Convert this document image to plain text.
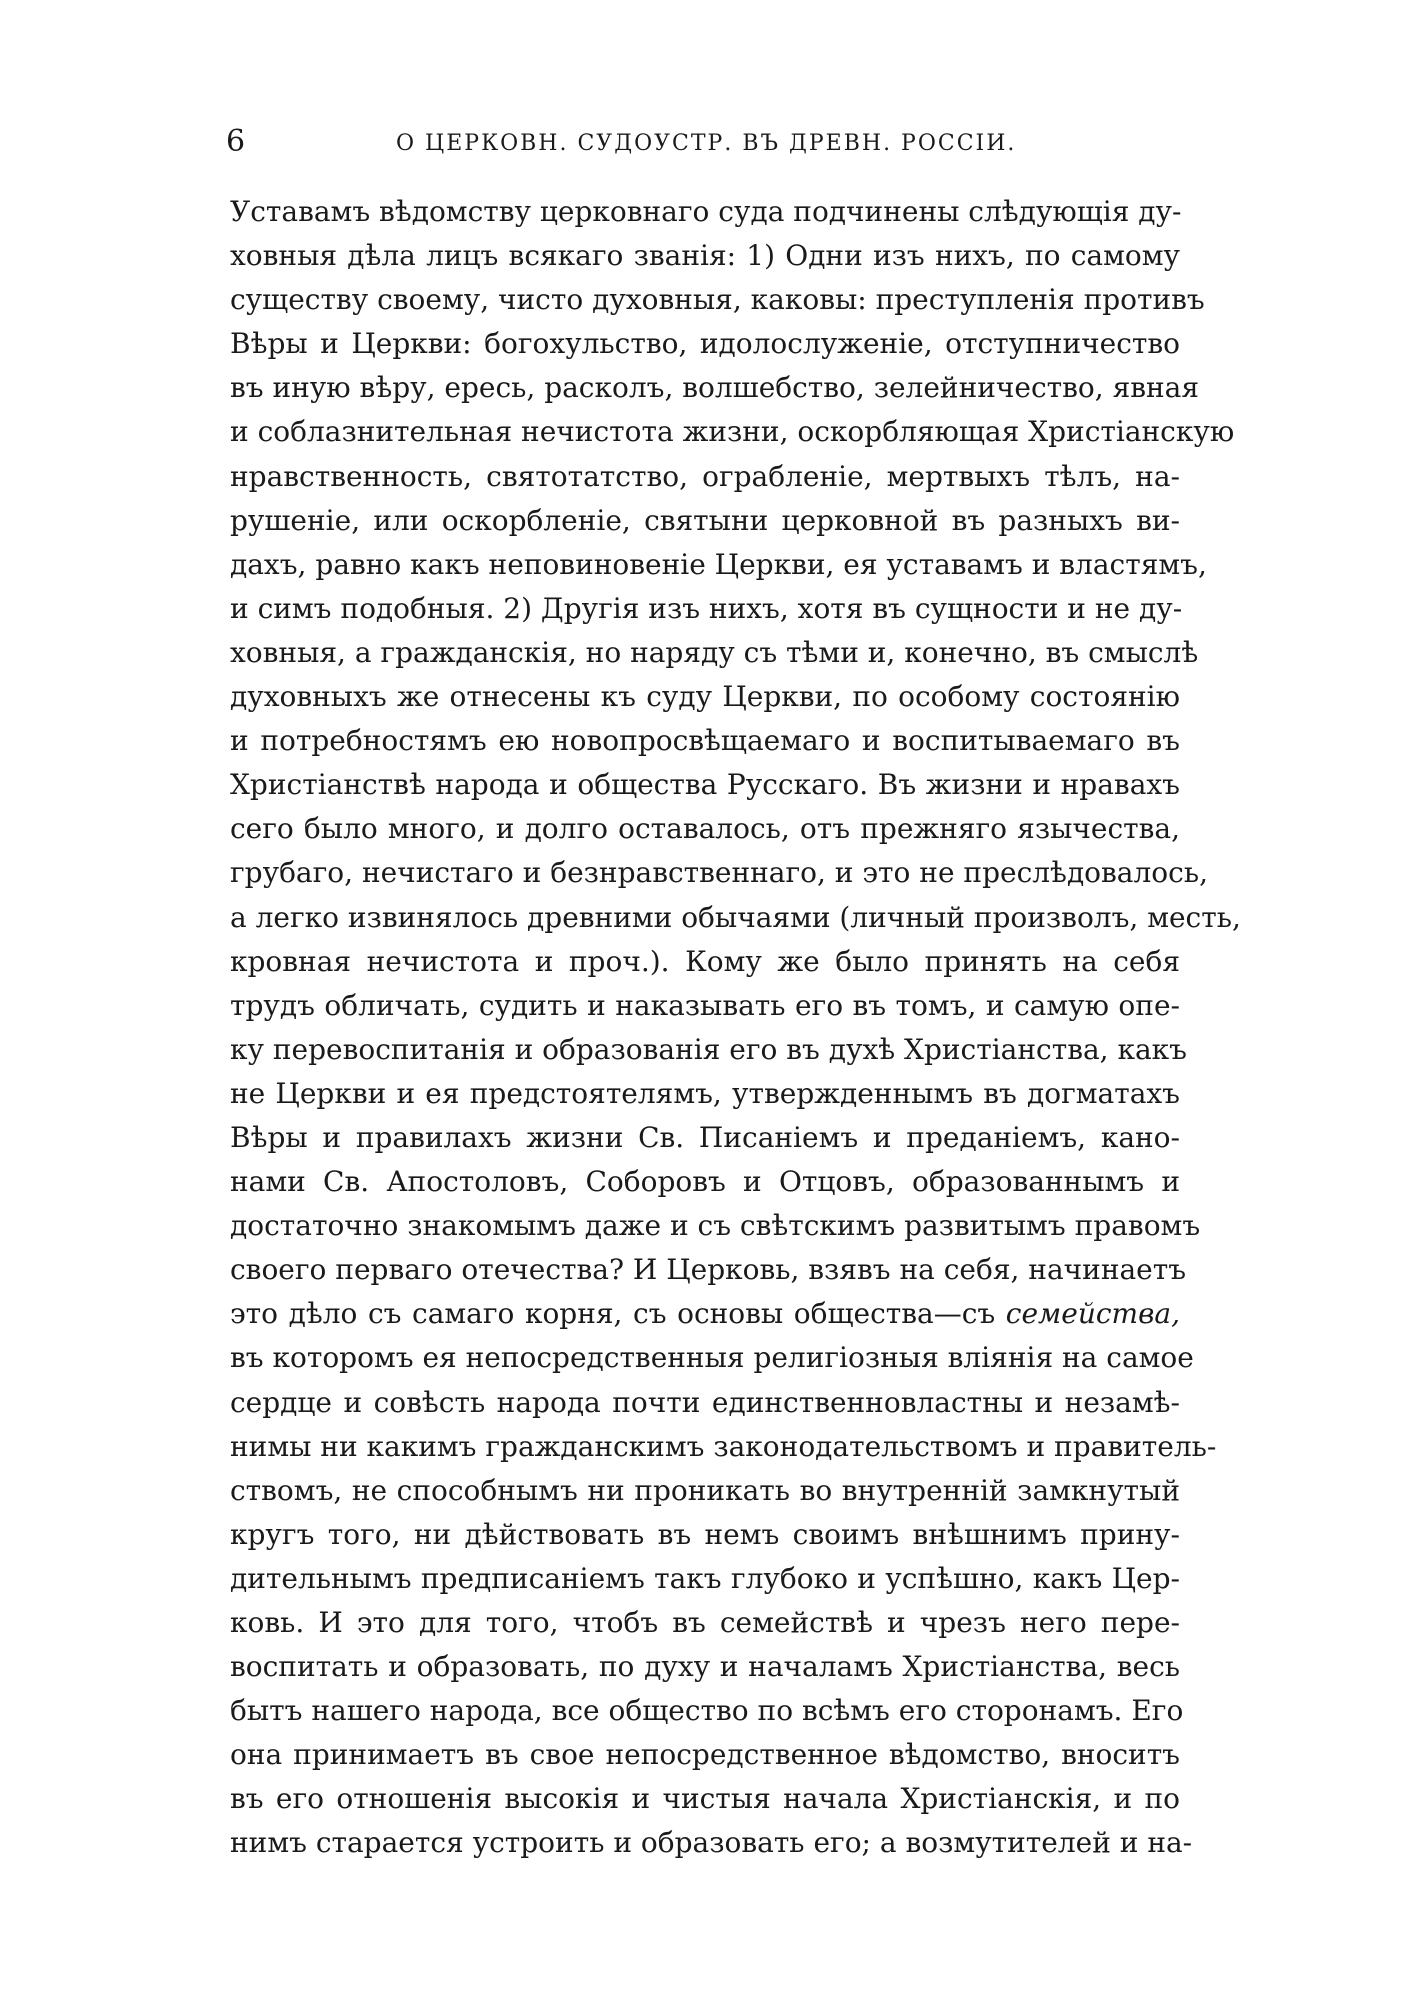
6	О ЦЕРКОВН. СУДОУСТР. ВЪ ДРЕВН. РОССІИ.
Уставамъ вѣдомству церковнаго суда подчинены слѣдующія ду-
ховныя дѣла лицъ всякаго званія: 1) Одни изъ нихъ, по самому
существу своему, чисто духовныя, каковы: преступленія противъ
Вѣры и Церкви: богохульство, идолослуженіе, отступничество
въ иную вѣру, ересь, расколъ, волшебство, зелейничество, явная
и соблазнительная нечистота жизни, оскорбляющая Христіанскую
нравственность, святотатство, ограбленіе, мертвыхъ тѣлъ, на-
рушеніе, или оскорбленіе, святыни церковной въ разныхъ ви-
дахъ, равно какъ неповиновеніе Церкви, ея уставамъ и властямъ,
и симъ подобныя. 2) Другія изъ нихъ, хотя въ сущности и не ду-
ховныя, а гражданскія, но наряду съ тѣми и, конечно, въ смыслѣ
духовныхъ же отнесены къ суду Церкви, по особому состоянію
и потребностямъ ею новопросвѣщаемаго и воспитываемаго въ
Христіанствѣ народа и общества Русскаго. Въ жизни и нравахъ
сего было много, и долго оставалось, отъ прежняго язычества,
грубаго, нечистаго и безнравственнаго, и это не преслѣдовалось,
а легко извинялось древними обычаями (личный произволъ, месть,
кровная нечистота и проч.). Кому же было принять на себя
трудъ обличать, судить и наказывать его въ томъ, и самую опе-
ку перевоспитанія и образованія его въ духѣ Христіанства, какъ
не Церкви и ея предстоятелямъ, утвержденнымъ въ догматахъ
Вѣры и правилахъ жизни Св. Писаніемъ и преданіемъ, кано-
нами Св. Апостоловъ, Соборовъ и Отцовъ, образованнымъ и
достаточно знакомымъ даже и съ свѣтскимъ развитымъ правомъ
своего перваго отечества? И Церковь, взявъ на себя, начинаетъ
это дѣло съ самаго корня, съ основы общества—съ семейства,
въ которомъ ея непосредственныя религіозныя вліянія на самое
сердце и совѣсть народа почти единственновластны и незамѣ-
нимы ни какимъ гражданскимъ законодательствомъ и правитель-
ствомъ, не способнымъ ни проникать во внутренній замкнутый
кругъ того, ни дѣйствовать въ немъ своимъ внѣшнимъ прину-
дительнымъ предписаніемъ такъ глубоко и успѣшно, какъ Цер-
ковь. И это для того, чтобъ въ семействѣ и чрезъ него пере-
воспитать и образовать, по духу и началамъ Христіанства, весь
бытъ нашего народа, все общество по всѣмъ его сторонамъ. Его
она принимаетъ въ свое непосредственное вѣдомство, вноситъ
въ его отношенія высокія и чистыя начала Христіанскія, и по
нимъ старается устроить и образовать его; а возмутителей и на-
